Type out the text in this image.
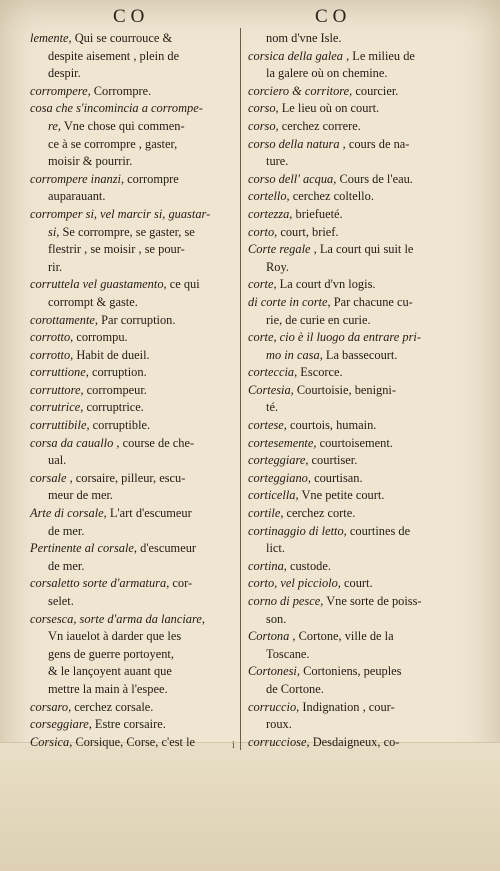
CO	CO
lemente, Qui se courrouce &
despite aisement , plein de
despir.
corrompere, Corrompre.
cosa che s'incomincia a corrompe-
re, Vne chose qui commen-
ce à se corrompre , gaster,
moisir & pourrir.
corrompere inanzi, corrompre
auparauant.
corromper si, vel marcir si, guastar-
si, Se corrompre, se gaster, se
flestrir , se moisir , se pour-
rir.
corruttela vel guastamento, ce qui
corrompt & gaste.
corottamente, Par corruption.
corrotto, corrompu.
corrotto, Habit de dueil.
corruttione, corruption.
corruttore, corrompeur.
corrutrice, corruptrice.
corruttibile, corruptible.
corsa da cauallo , course de che-
ual.
corsale , corsaire, pilleur, escu-
meur de mer.
Arte di corsale, L'art d'escumeur
de mer.
Pertinente al corsale, d'escumeur
de mer.
corsaletto sorte d'armatura, cor-
selet.
corsesca, sorte d'arma da lanciare,
Vn iauelot à darder que les
gens de guerre portoyent,
& le lançoyent auant que
mettre la main à l'espee.
corsaro, cerchez corsale.
corseggiare, Estre corsaire.
Corsica, Corsique, Corse, c'est le
nom d'vne Isle.
corsica della galea , Le milieu de
la galere où on chemine.
corciero & corritore, courcier.
corso, Le lieu où on court.
corso, cerchez correre.
corso della natura , cours de na-
ture.
corso dell' acqua, Cours de l'eau.
cortello, cerchez coltello.
cortezza, briefueté.
corto, court, brief.
Corte regale , La court qui suit le
Roy.
corte, La court d'vn logis.
di corte in corte, Par chacune cu-
rie, de curie en curie.
corte, cio è il luogo da entrare pri-
mo in casa, La bassecourt.
corteccia, Escorce.
Cortesia, Courtoisie, benigni-
té.
cortese, courtois, humain.
cortesemente, courtoisement.
corteggiare, courtiser.
corteggiano, courtisan.
corticella, Vne petite court.
cortile, cerchez corte.
cortinaggio di letto, courtines de
lict.
cortina, custode.
corto, vel picciolo, court.
corno di pesce, Vne sorte de poiss-
son.
Cortona , Cortone, ville de la
Toscane.
Cortonesi, Cortoniens, peuples
de Cortone.
corruccio, Indignation , cour-
roux.
corrucciose, Desdaigneux, co-
i
